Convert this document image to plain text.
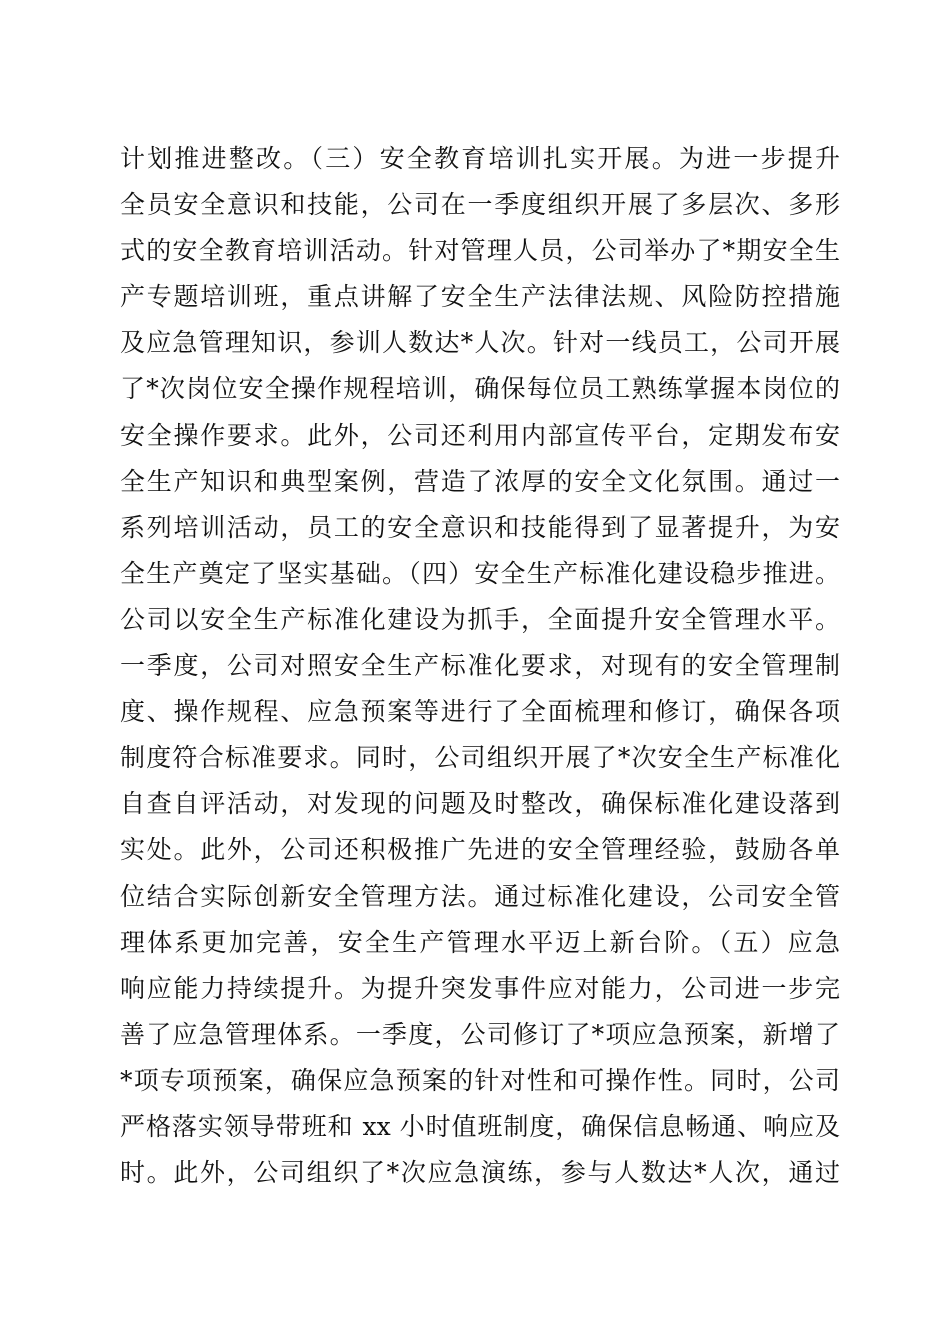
计划推进整改。（三）安全教育培训扎实开展。为进一步提升
全员安全意识和技能，公司在一季度组织开展了多层次、多形
式的安全教育培训活动。针对管理人员，公司举办了*期安全生
产专题培训班，重点讲解了安全生产法律法规、风险防控措施
及应急管理知识，参训人数达*人次。针对一线员工，公司开展
了*次岗位安全操作规程培训，确保每位员工熟练掌握本岗位的
安全操作要求。此外，公司还利用内部宣传平台，定期发布安
全生产知识和典型案例，营造了浓厚的安全文化氛围。通过一
系列培训活动，员工的安全意识和技能得到了显著提升，为安
全生产奠定了坚实基础。（四）安全生产标准化建设稳步推进。
公司以安全生产标准化建设为抓手，全面提升安全管理水平。
一季度，公司对照安全生产标准化要求，对现有的安全管理制
度、操作规程、应急预案等进行了全面梳理和修订，确保各项
制度符合标准要求。同时，公司组织开展了*次安全生产标准化
自查自评活动，对发现的问题及时整改，确保标准化建设落到
实处。此外，公司还积极推广先进的安全管理经验，鼓励各单
位结合实际创新安全管理方法。通过标准化建设，公司安全管
理体系更加完善，安全生产管理水平迈上新台阶。（五）应急
响应能力持续提升。为提升突发事件应对能力，公司进一步完
善了应急管理体系。一季度，公司修订了*项应急预案，新增了
*项专项预案，确保应急预案的针对性和可操作性。同时，公司
严格落实领导带班和 xx 小时值班制度，确保信息畅通、响应及
时。此外，公司组织了*次应急演练，参与人数达*人次，通过
